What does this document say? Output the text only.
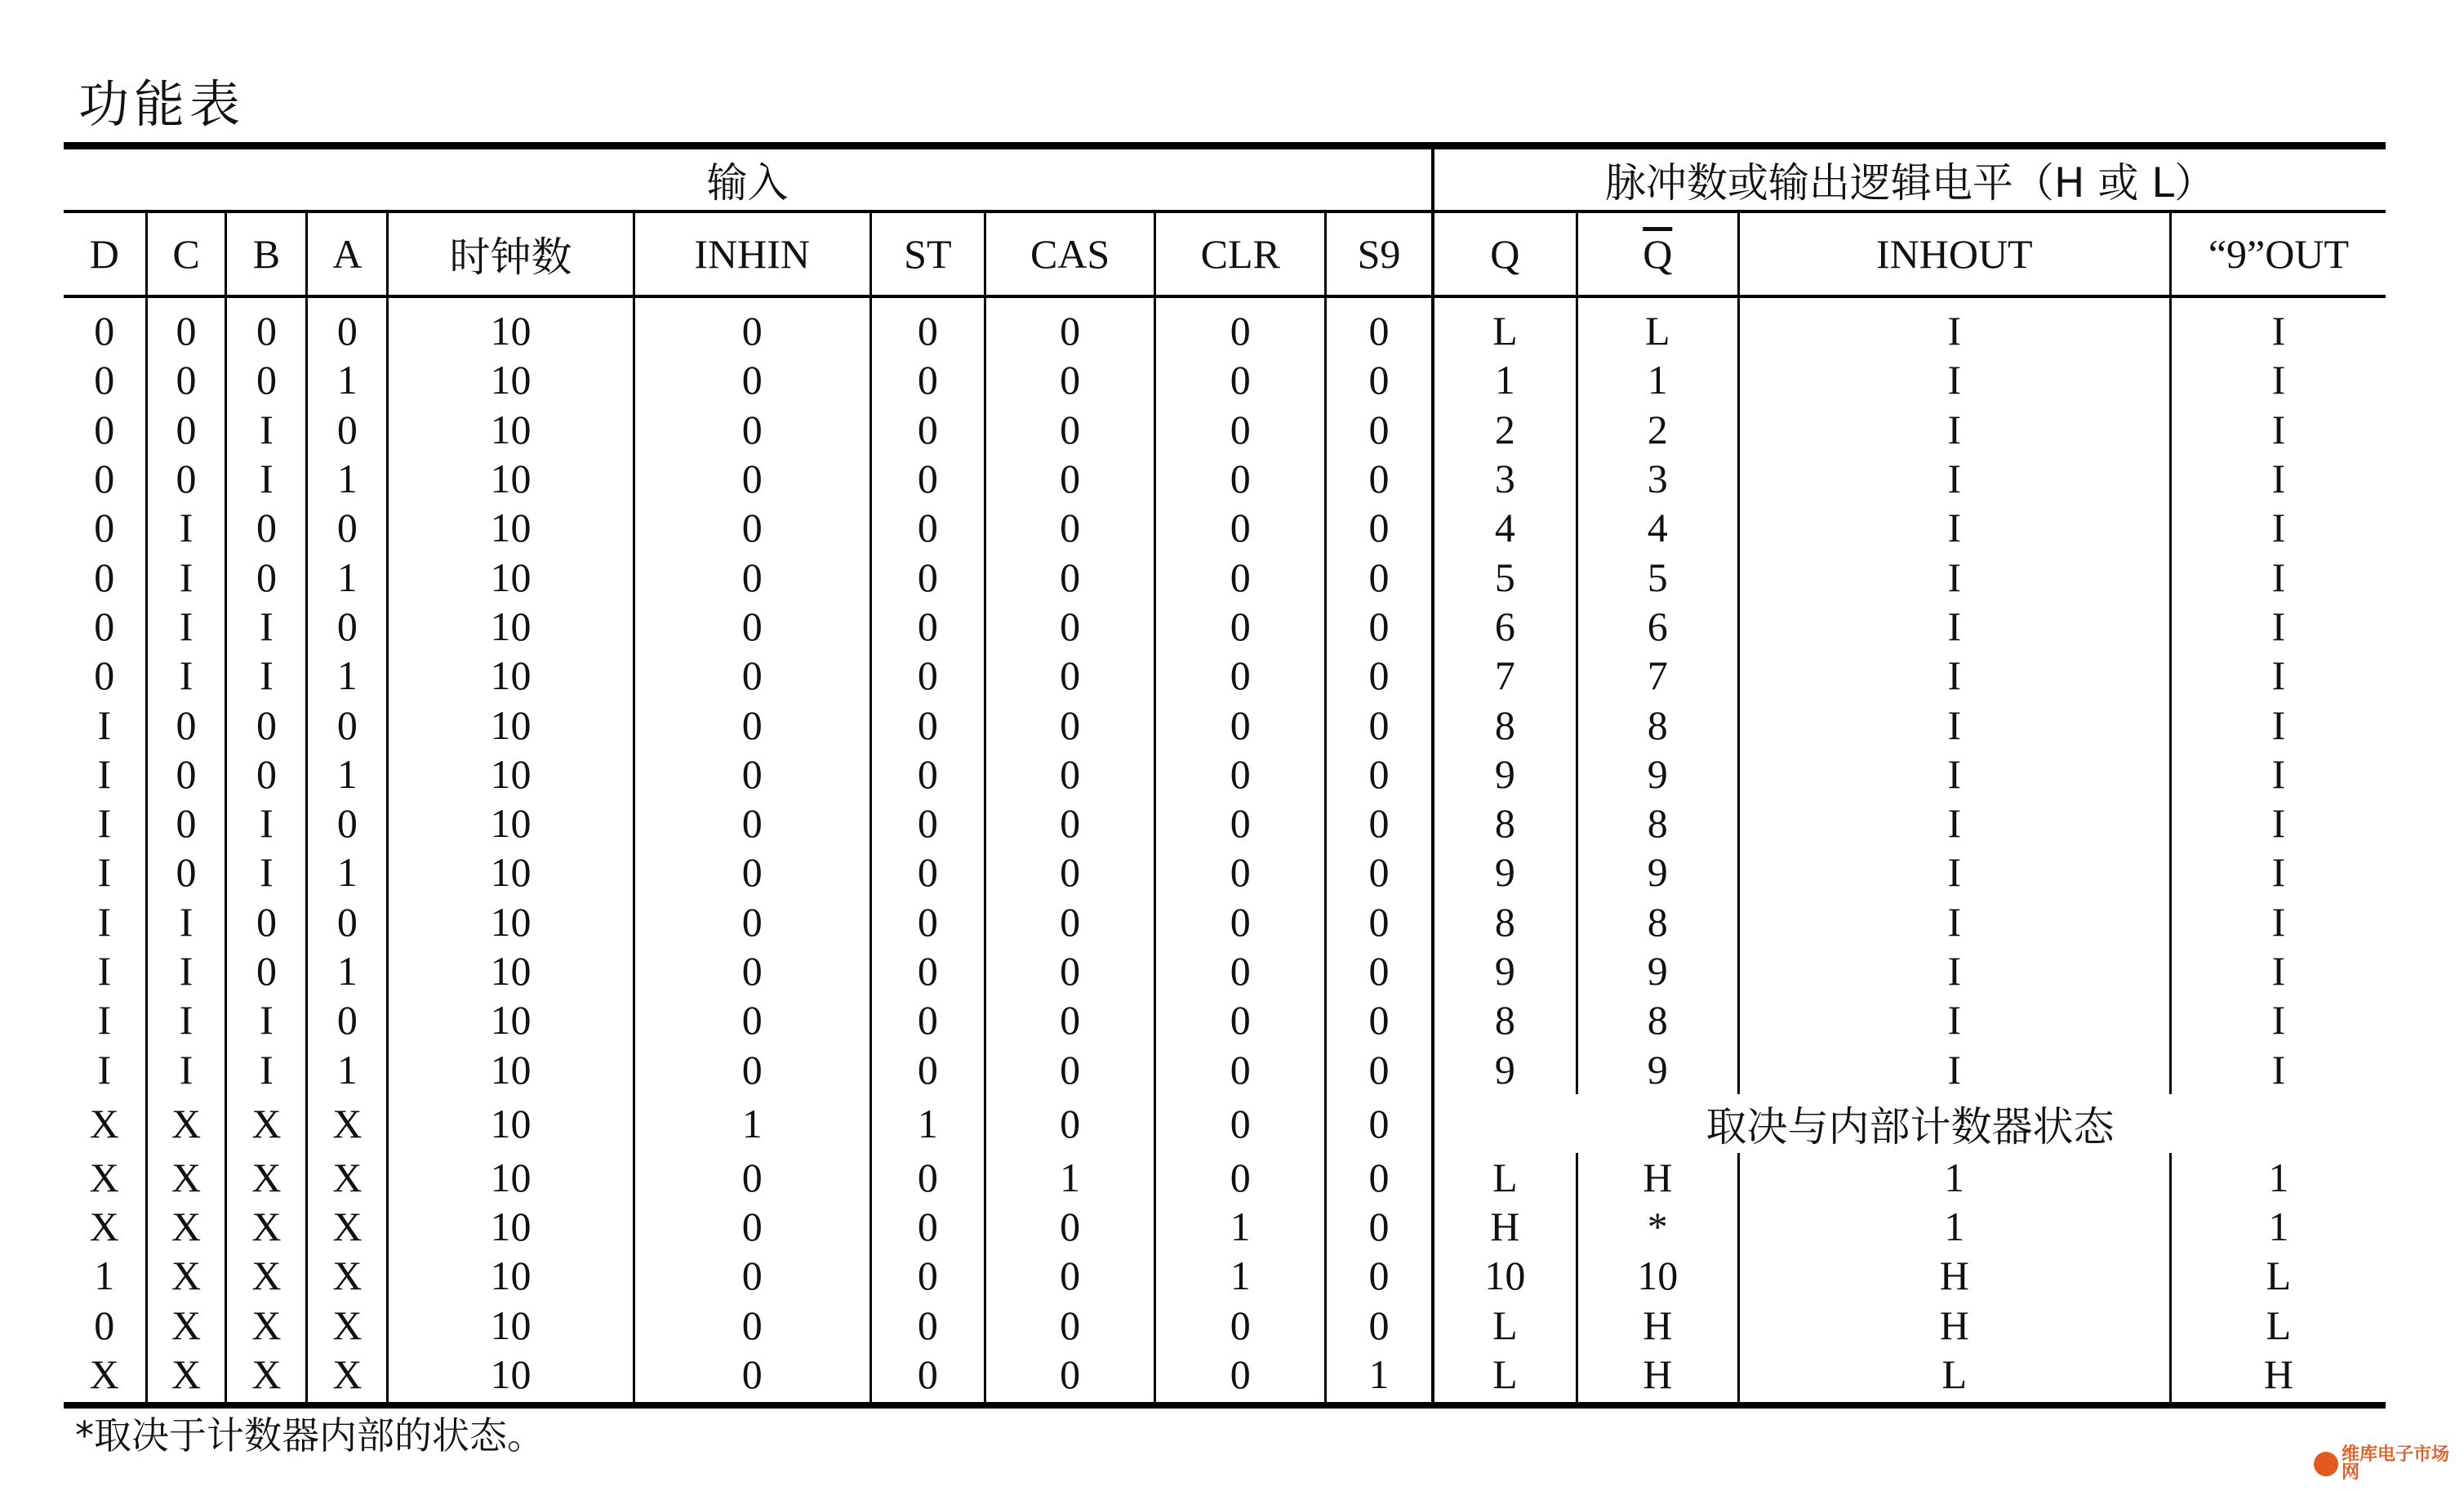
功能表
输入										脉冲数或输出逻辑电平（H 或 L）			
D	C	B	A	时钟数	INHIN	ST	CAS	CLR	S9	Q	$\overline{Q}$	INHOUT	“9”OUT
0	0	0	0	10	0	0	0	0	0	L	L	I	I
0	0	0	1	10	0	0	0	0	0	1	1	I	I
0	0	I	0	10	0	0	0	0	0	2	2	I	I
0	0	I	1	10	0	0	0	0	0	3	3	I	I
0	I	0	0	10	0	0	0	0	0	4	4	I	I
0	I	0	1	10	0	0	0	0	0	5	5	I	I
0	I	I	0	10	0	0	0	0	0	6	6	I	I
0	I	I	1	10	0	0	0	0	0	7	7	I	I
I	0	0	0	10	0	0	0	0	0	8	8	I	I
I	0	0	1	10	0	0	0	0	0	9	9	I	I
I	0	I	0	10	0	0	0	0	0	8	8	I	I
I	0	I	1	10	0	0	0	0	0	9	9	I	I
I	I	0	0	10	0	0	0	0	0	8	8	I	I
I	I	0	1	10	0	0	0	0	0	9	9	I	I
I	I	I	0	10	0	0	0	0	0	8	8	I	I
I	I	I	1	10	0	0	0	0	0	9	9	I	I
X	X	X	X	10	1	1	0	0	0	取决与内部计数器状态			
X	X	X	X	10	0	0	1	0	0	L	H	1	1
X	X	X	X	10	0	0	0	1	0	H	*	1	1
1	X	X	X	10	0	0	0	1	0	10	10	H	L
0	X	X	X	10	0	0	0	0	0	L	H	H	L
X	X	X	X	10	0	0	0	0	1	L	H	L	H
*取决于计数器内部的状态。	维库电子市场网
